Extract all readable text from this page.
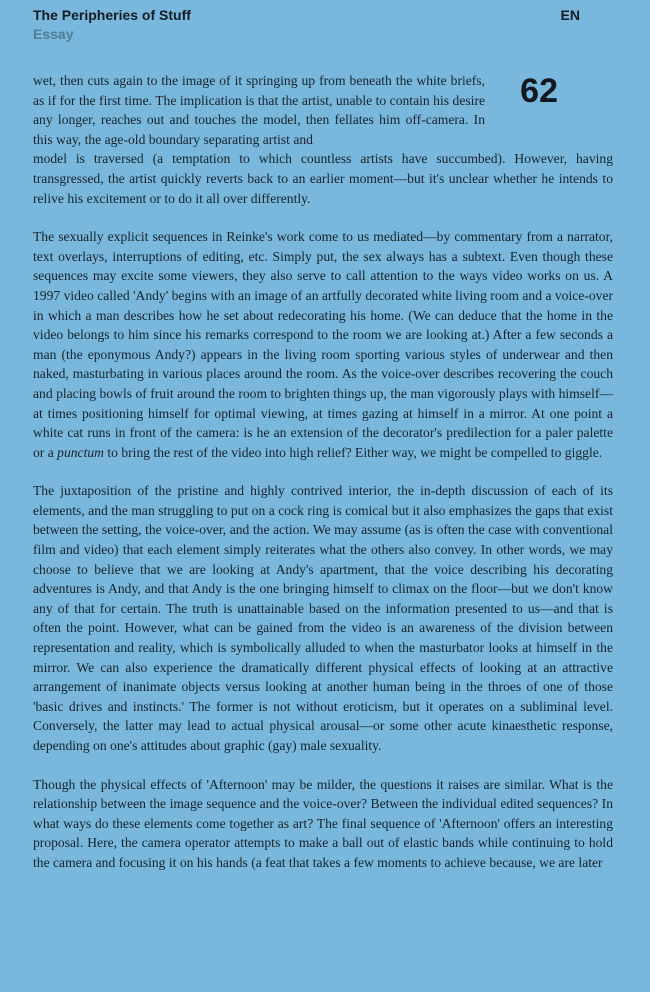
The Peripheries of Stuff
Essay
EN
62

wet, then cuts again to the image of it springing up from beneath the white briefs, as if for the first time. The implication is that the artist, unable to contain his desire any longer, reaches out and touches the model, then fellates him off-camera. In this way, the age-old boundary separating artist and

model is traversed (a temptation to which countless artists have succumbed). However, having transgressed, the artist quickly reverts back to an earlier moment—but it's unclear whether he intends to relive his excitement or to do it all over differently.

The sexually explicit sequences in Reinke's work come to us mediated—by commentary from a narrator, text overlays, interruptions of editing, etc. Simply put, the sex always has a subtext. Even though these sequences may excite some viewers, they also serve to call attention to the ways video works on us. A 1997 video called 'Andy' begins with an image of an artfully decorated white living room and a voice-over in which a man describes how he set about redecorating his home. (We can deduce that the home in the video belongs to him since his remarks correspond to the room we are looking at.) After a few seconds a man (the eponymous Andy?) appears in the living room sporting various styles of underwear and then naked, masturbating in various places around the room. As the voice-over describes recovering the couch and placing bowls of fruit around the room to brighten things up, the man vigorously plays with himself—at times positioning himself for optimal viewing, at times gazing at himself in a mirror. At one point a white cat runs in front of the camera: is he an extension of the decorator's predilection for a paler palette or a punctum to bring the rest of the video into high relief? Either way, we might be compelled to giggle.

The juxtaposition of the pristine and highly contrived interior, the in-depth discussion of each of its elements, and the man struggling to put on a cock ring is comical but it also emphasizes the gaps that exist between the setting, the voice-over, and the action. We may assume (as is often the case with conventional film and video) that each element simply reiterates what the others also convey. In other words, we may choose to believe that we are looking at Andy's apartment, that the voice describing his decorating adventures is Andy, and that Andy is the one bringing himself to climax on the floor—but we don't know any of that for certain. The truth is unattainable based on the information presented to us—and that is often the point. However, what can be gained from the video is an awareness of the division between representation and reality, which is symbolically alluded to when the masturbator looks at himself in the mirror. We can also experience the dramatically different physical effects of looking at an attractive arrangement of inanimate objects versus looking at another human being in the throes of one of those 'basic drives and instincts.' The former is not without eroticism, but it operates on a subliminal level. Conversely, the latter may lead to actual physical arousal—or some other acute kinaesthetic response, depending on one's attitudes about graphic (gay) male sexuality.

Though the physical effects of 'Afternoon' may be milder, the questions it raises are similar. What is the relationship between the image sequence and the voice-over? Between the individual edited sequences? In what ways do these elements come together as art? The final sequence of 'Afternoon' offers an interesting proposal. Here, the camera operator attempts to make a ball out of elastic bands while continuing to hold the camera and focusing it on his hands (a feat that takes a few moments to achieve because, we are later
